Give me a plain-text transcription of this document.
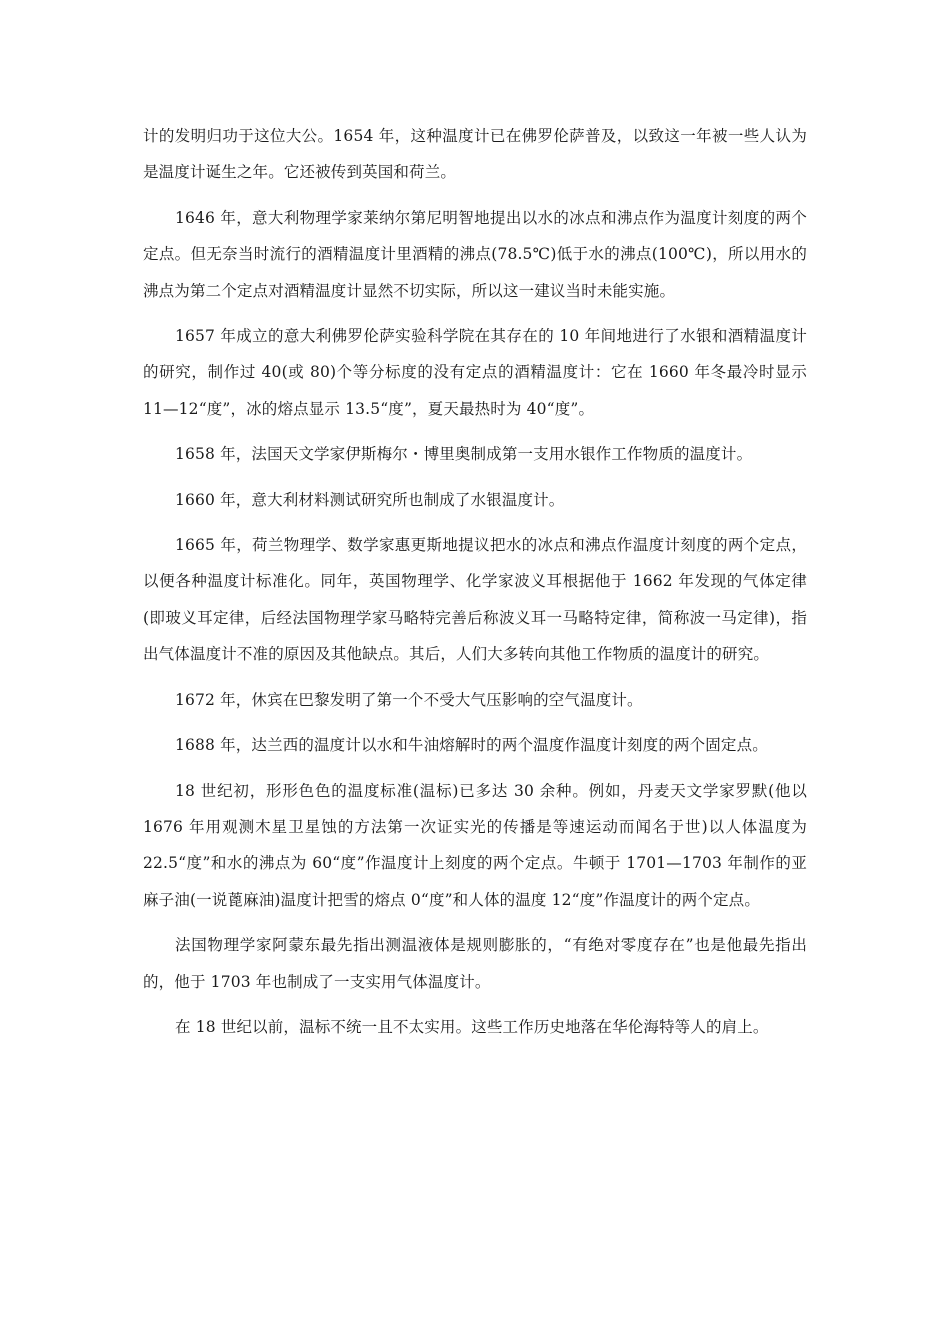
计的发明归功于这位大公。1654 年，这种温度计已在佛罗伦萨普及，以致这一年被一些人认为是温度计诞生之年。它还被传到英国和荷兰。

1646 年，意大利物理学家莱纳尔第尼明智地提出以水的冰点和沸点作为温度计刻度的两个定点。但无奈当时流行的酒精温度计里酒精的沸点(78.5℃)低于水的沸点(100℃)，所以用水的沸点为第二个定点对酒精温度计显然不切实际，所以这一建议当时未能实施。

1657 年成立的意大利佛罗伦萨实验科学院在其存在的 10 年间地进行了水银和酒精温度计的研究，制作过 40(或 80)个等分标度的没有定点的酒精温度计：它在 1660 年冬最冷时显示 11—12“度”，冰的熔点显示 13.5“度”，夏天最热时为 40“度”。

1658 年，法国天文学家伊斯梅尔・博里奥制成第一支用水银作工作物质的温度计。

1660 年，意大利材料测试研究所也制成了水银温度计。

1665 年，荷兰物理学、数学家惠更斯地提议把水的冰点和沸点作温度计刻度的两个定点，以便各种温度计标准化。同年，英国物理学、化学家波义耳根据他于 1662 年发现的气体定律(即玻义耳定律，后经法国物理学家马略特完善后称波义耳一马略特定律，简称波一马定律)，指出气体温度计不准的原因及其他缺点。其后，人们大多转向其他工作物质的温度计的研究。

1672 年，休宾在巴黎发明了第一个不受大气压影响的空气温度计。

1688 年，达兰西的温度计以水和牛油熔解时的两个温度作温度计刻度的两个固定点。

18 世纪初，形形色色的温度标准(温标)已多达 30 余种。例如，丹麦天文学家罗默(他以 1676 年用观测木星卫星蚀的方法第一次证实光的传播是等速运动而闻名于世)以人体温度为 22.5“度”和水的沸点为 60“度”作温度计上刻度的两个定点。牛顿于 1701—1703 年制作的亚麻子油(一说蓖麻油)温度计把雪的熔点 0“度”和人体的温度 12“度”作温度计的两个定点。

法国物理学家阿蒙东最先指出测温液体是规则膨胀的，“有绝对零度存在”也是他最先指出的，他于 1703 年也制成了一支实用气体温度计。

在 18 世纪以前，温标不统一且不太实用。这些工作历史地落在华伦海特等人的肩上。
